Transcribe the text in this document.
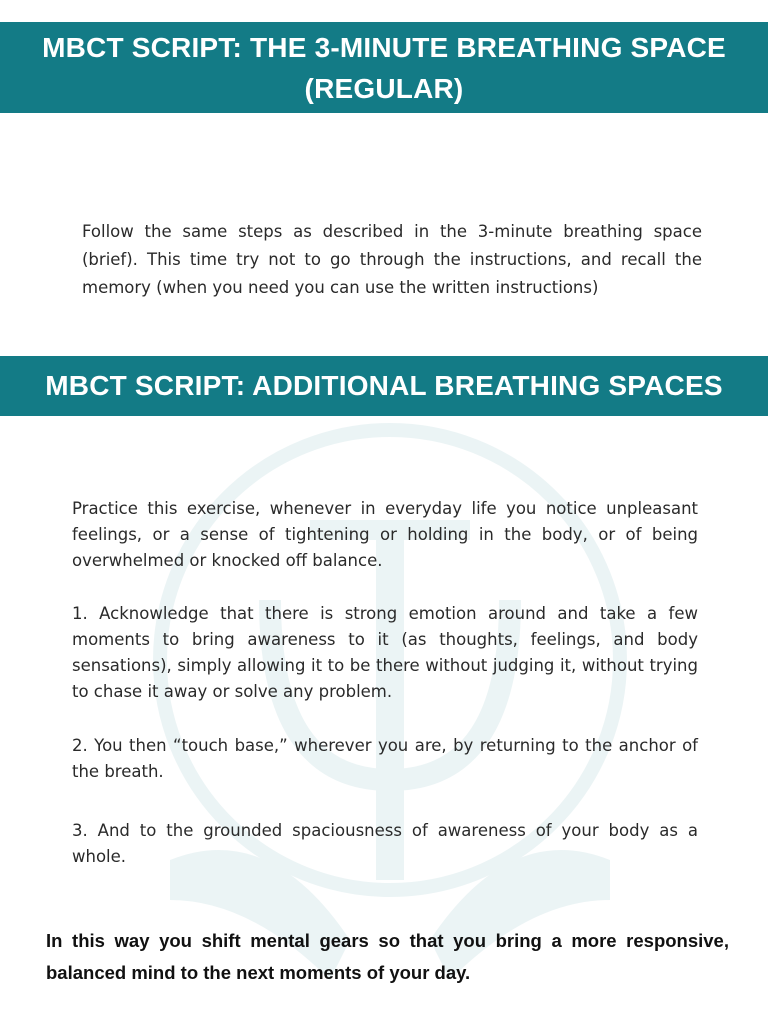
MBCT SCRIPT: THE 3-MINUTE BREATHING SPACE
(REGULAR)

Follow the same steps as described in the 3-minute breathing space (brief). This time try not to go through the instructions, and recall the memory (when you need you can use the written instructions)

MBCT SCRIPT: ADDITIONAL BREATHING SPACES

Practice this exercise, whenever in everyday life you notice unpleasant feelings, or a sense of tightening or holding in the body, or of being overwhelmed or knocked off balance.

1. Acknowledge that there is strong emotion around and take a few moments to bring awareness to it (as thoughts, feelings, and body sensations), simply allowing it to be there without judging it, without trying to chase it away or solve any problem.

2. You then “touch base,” wherever you are, by returning to the anchor of the breath.

3. And to the grounded spaciousness of awareness of your body as a whole.

In this way you shift mental gears so that you bring a more responsive, balanced mind to the next moments of your day.
